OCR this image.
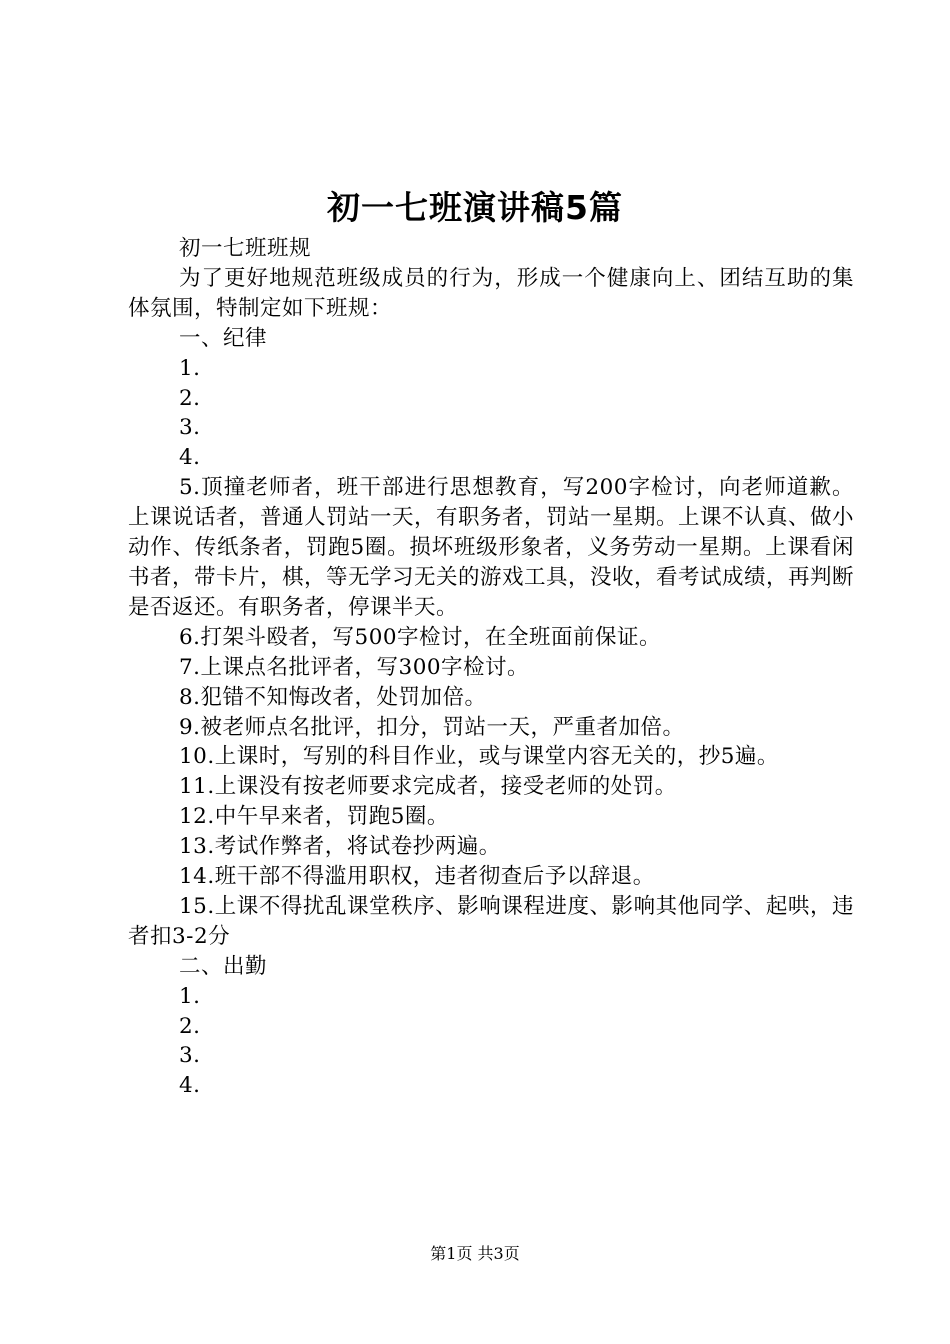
初一七班演讲稿5篇

初一七班班规

为了更好地规范班级成员的行为，形成一个健康向上、团结互助的集体氛围，特制定如下班规：

一、纪律

1.

2.

3.

4.

5.顶撞老师者，班干部进行思想教育，写200字检讨，向老师道歉。上课说话者，普通人罚站一天，有职务者，罚站一星期。上课不认真、做小动作、传纸条者，罚跑5圈。损坏班级形象者，义务劳动一星期。上课看闲书者，带卡片，棋，等无学习无关的游戏工具，没收，看考试成绩，再判断是否返还。有职务者，停课半天。

6.打架斗殴者，写500字检讨，在全班面前保证。

7.上课点名批评者，写300字检讨。

8.犯错不知悔改者，处罚加倍。

9.被老师点名批评，扣分，罚站一天，严重者加倍。

10.上课时，写别的科目作业，或与课堂内容无关的，抄5遍。

11.上课没有按老师要求完成者，接受老师的处罚。

12.中午早来者，罚跑5圈。

13.考试作弊者，将试卷抄两遍。

14.班干部不得滥用职权，违者彻查后予以辞退。

15.上课不得扰乱课堂秩序、影响课程进度、影响其他同学、起哄，违者扣3-2分

二、出勤

1.

2.

3.

4.

第1页 共3页
